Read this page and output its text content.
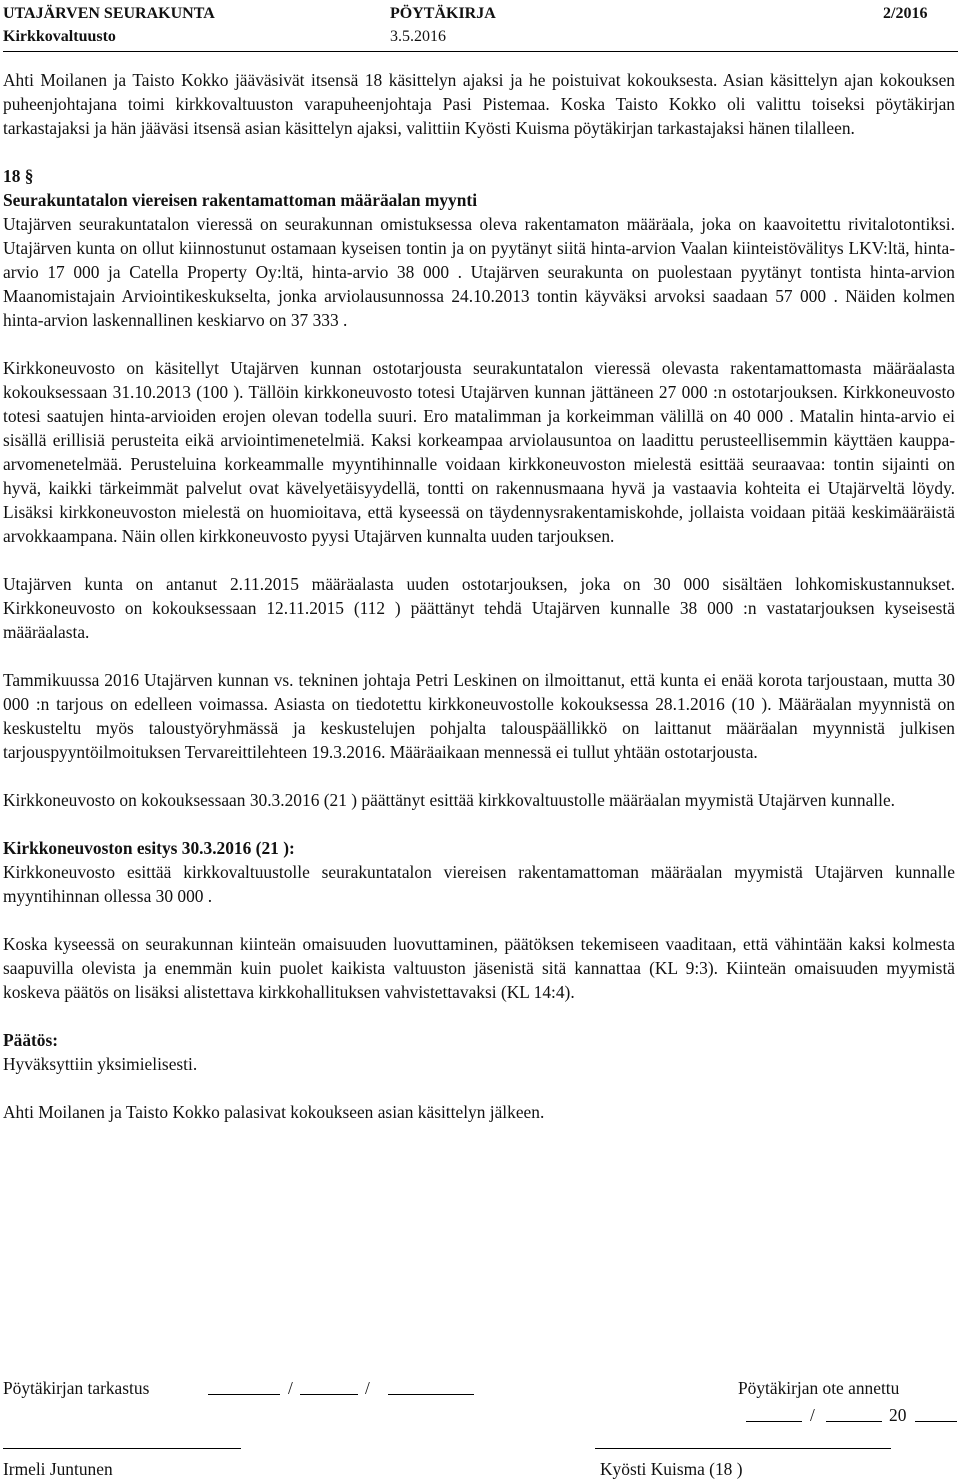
UTAJÄRVEN SEURAKUNTA
Kirkkovaltuusto
PÖYTÄKIRJA
3.5.2016
2/2016

Ahti Moilanen ja Taisto Kokko jääväsivät itsensä 18 käsittelyn ajaksi ja he poistuivat kokouksesta. Asian käsittelyn ajan kokouksen puheenjohtajana toimi kirkkovaltuuston varapuheenjohtaja Pasi Pistemaa. Koska Taisto Kokko oli valittu toiseksi pöytäkirjan tarkastajaksi ja hän jääväsi itsensä asian käsittelyn ajaksi, valittiin Kyösti Kuisma pöytäkirjan tarkastajaksi hänen tilalleen.

18 §

Seurakuntatalon viereisen rakentamattoman määräalan myynti

Utajärven seurakuntatalon vieressä on seurakunnan omistuksessa oleva rakentamaton määräala, joka on kaavoitettu rivitalotontiksi. Utajärven kunta on ollut kiinnostunut ostamaan kyseisen tontin ja on pyytänyt siitä hinta-arvion Vaalan kiinteistövälitys LKV:ltä, hinta-arvio 17 000 ja Catella Property Oy:ltä, hinta-arvio 38 000 . Utajärven seurakunta on puolestaan pyytänyt tontista hinta-arvion Maanomistajain Arviointikeskukselta, jonka arviolausunnossa 24.10.2013 tontin käyväksi arvoksi saadaan 57 000 . Näiden kolmen hinta-arvion laskennallinen keskiarvo on 37 333 .

Kirkkoneuvosto on käsitellyt Utajärven kunnan ostotarjousta seurakuntatalon vieressä olevasta rakentamattomasta määräalasta kokouksessaan 31.10.2013 (100 ). Tällöin kirkkoneuvosto totesi Utajärven kunnan jättäneen 27 000 :n ostotarjouksen. Kirkkoneuvosto totesi saatujen hinta-arvioiden erojen olevan todella suuri. Ero matalimman ja korkeimman välillä on 40 000 . Matalin hinta-arvio ei sisällä erillisiä perusteita eikä arviointimenetelmiä. Kaksi korkeampaa arviolausuntoa on laadittu perusteellisemmin käyttäen kauppa-arvomenetelmää. Perusteluina korkeammalle myyntihinnalle voidaan kirkkoneuvoston mielestä esittää seuraavaa: tontin sijainti on hyvä, kaikki tärkeimmät palvelut ovat kävelyetäisyydellä, tontti on rakennusmaana hyvä ja vastaavia kohteita ei Utajärveltä löydy. Lisäksi kirkkoneuvoston mielestä on huomioitava, että kyseessä on täydennysrakentamiskohde, jollaista voidaan pitää keskimääräistä arvokkaampana. Näin ollen kirkkoneuvosto pyysi Utajärven kunnalta uuden tarjouksen.

Utajärven kunta on antanut 2.11.2015 määräalasta uuden ostotarjouksen, joka on 30 000 sisältäen lohkomiskustannukset. Kirkkoneuvosto on kokouksessaan 12.11.2015 (112 ) päättänyt tehdä Utajärven kunnalle 38 000 :n vastatarjouksen kyseisestä määräalasta.

Tammikuussa 2016 Utajärven kunnan vs. tekninen johtaja Petri Leskinen on ilmoittanut, että kunta ei enää korota tarjoustaan, mutta 30 000 :n tarjous on edelleen voimassa. Asiasta on tiedotettu kirkkoneuvostolle kokouksessa 28.1.2016 (10 ). Määräalan myynnistä on keskusteltu myös taloustyöryhmässä ja keskustelujen pohjalta talouspäällikkö on laittanut määräalan myynnistä julkisen tarjouspyyntöilmoituksen Tervareittilehteen 19.3.2016. Määräaikaan mennessä ei tullut yhtään ostotarjousta.

Kirkkoneuvosto on kokouksessaan 30.3.2016 (21 ) päättänyt esittää kirkkovaltuustolle määräalan myymistä Utajärven kunnalle.

Kirkkoneuvoston esitys 30.3.2016 (21 ):

Kirkkoneuvosto esittää kirkkovaltuustolle seurakuntatalon viereisen rakentamattoman määräalan myymistä Utajärven kunnalle myyntihinnan ollessa 30 000 .

Koska kyseessä on seurakunnan kiinteän omaisuuden luovuttaminen, päätöksen tekemiseen vaaditaan, että vähintään kaksi kolmesta saapuvilla olevista ja enemmän kuin puolet kaikista valtuuston jäsenistä sitä kannattaa (KL 9:3). Kiinteän omaisuuden myymistä koskeva päätös on lisäksi alistettava kirkkohallituksen vahvistettavaksi (KL 14:4).

Päätös:

Hyväksyttiin yksimielisesti.

Ahti Moilanen ja Taisto Kokko palasivat kokoukseen asian käsittelyn jälkeen.

Pöytäkirjan tarkastus	/	/	Pöytäkirjan ote annettu
/	20
Irmeli Juntunen	Kyösti Kuisma (18 )
